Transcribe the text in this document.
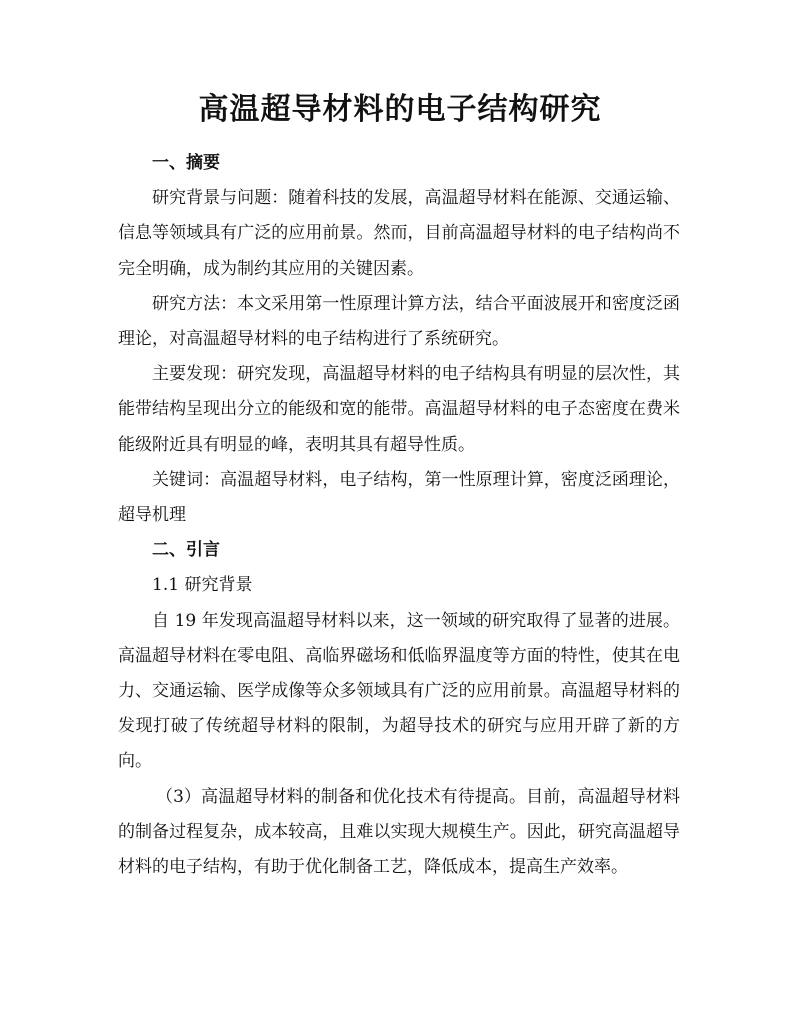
高温超导材料的电子结构研究

一、摘要

研究背景与问题：随着科技的发展，高温超导材料在能源、交通运输、信息等领域具有广泛的应用前景。然而，目前高温超导材料的电子结构尚不完全明确，成为制约其应用的关键因素。

研究方法：本文采用第一性原理计算方法，结合平面波展开和密度泛函理论，对高温超导材料的电子结构进行了系统研究。

主要发现：研究发现，高温超导材料的电子结构具有明显的层次性，其能带结构呈现出分立的能级和宽的能带。高温超导材料的电子态密度在费米能级附近具有明显的峰，表明其具有超导性质。

关键词：高温超导材料，电子结构，第一性原理计算，密度泛函理论，超导机理

二、引言

1.1 研究背景

自 19 年发现高温超导材料以来，这一领域的研究取得了显著的进展。高温超导材料在零电阻、高临界磁场和低临界温度等方面的特性，使其在电力、交通运输、医学成像等众多领域具有广泛的应用前景。高温超导材料的发现打破了传统超导材料的限制，为超导技术的研究与应用开辟了新的方向。

（3）高温超导材料的制备和优化技术有待提高。目前，高温超导材料的制备过程复杂，成本较高，且难以实现大规模生产。因此，研究高温超导材料的电子结构，有助于优化制备工艺，降低成本，提高生产效率。
